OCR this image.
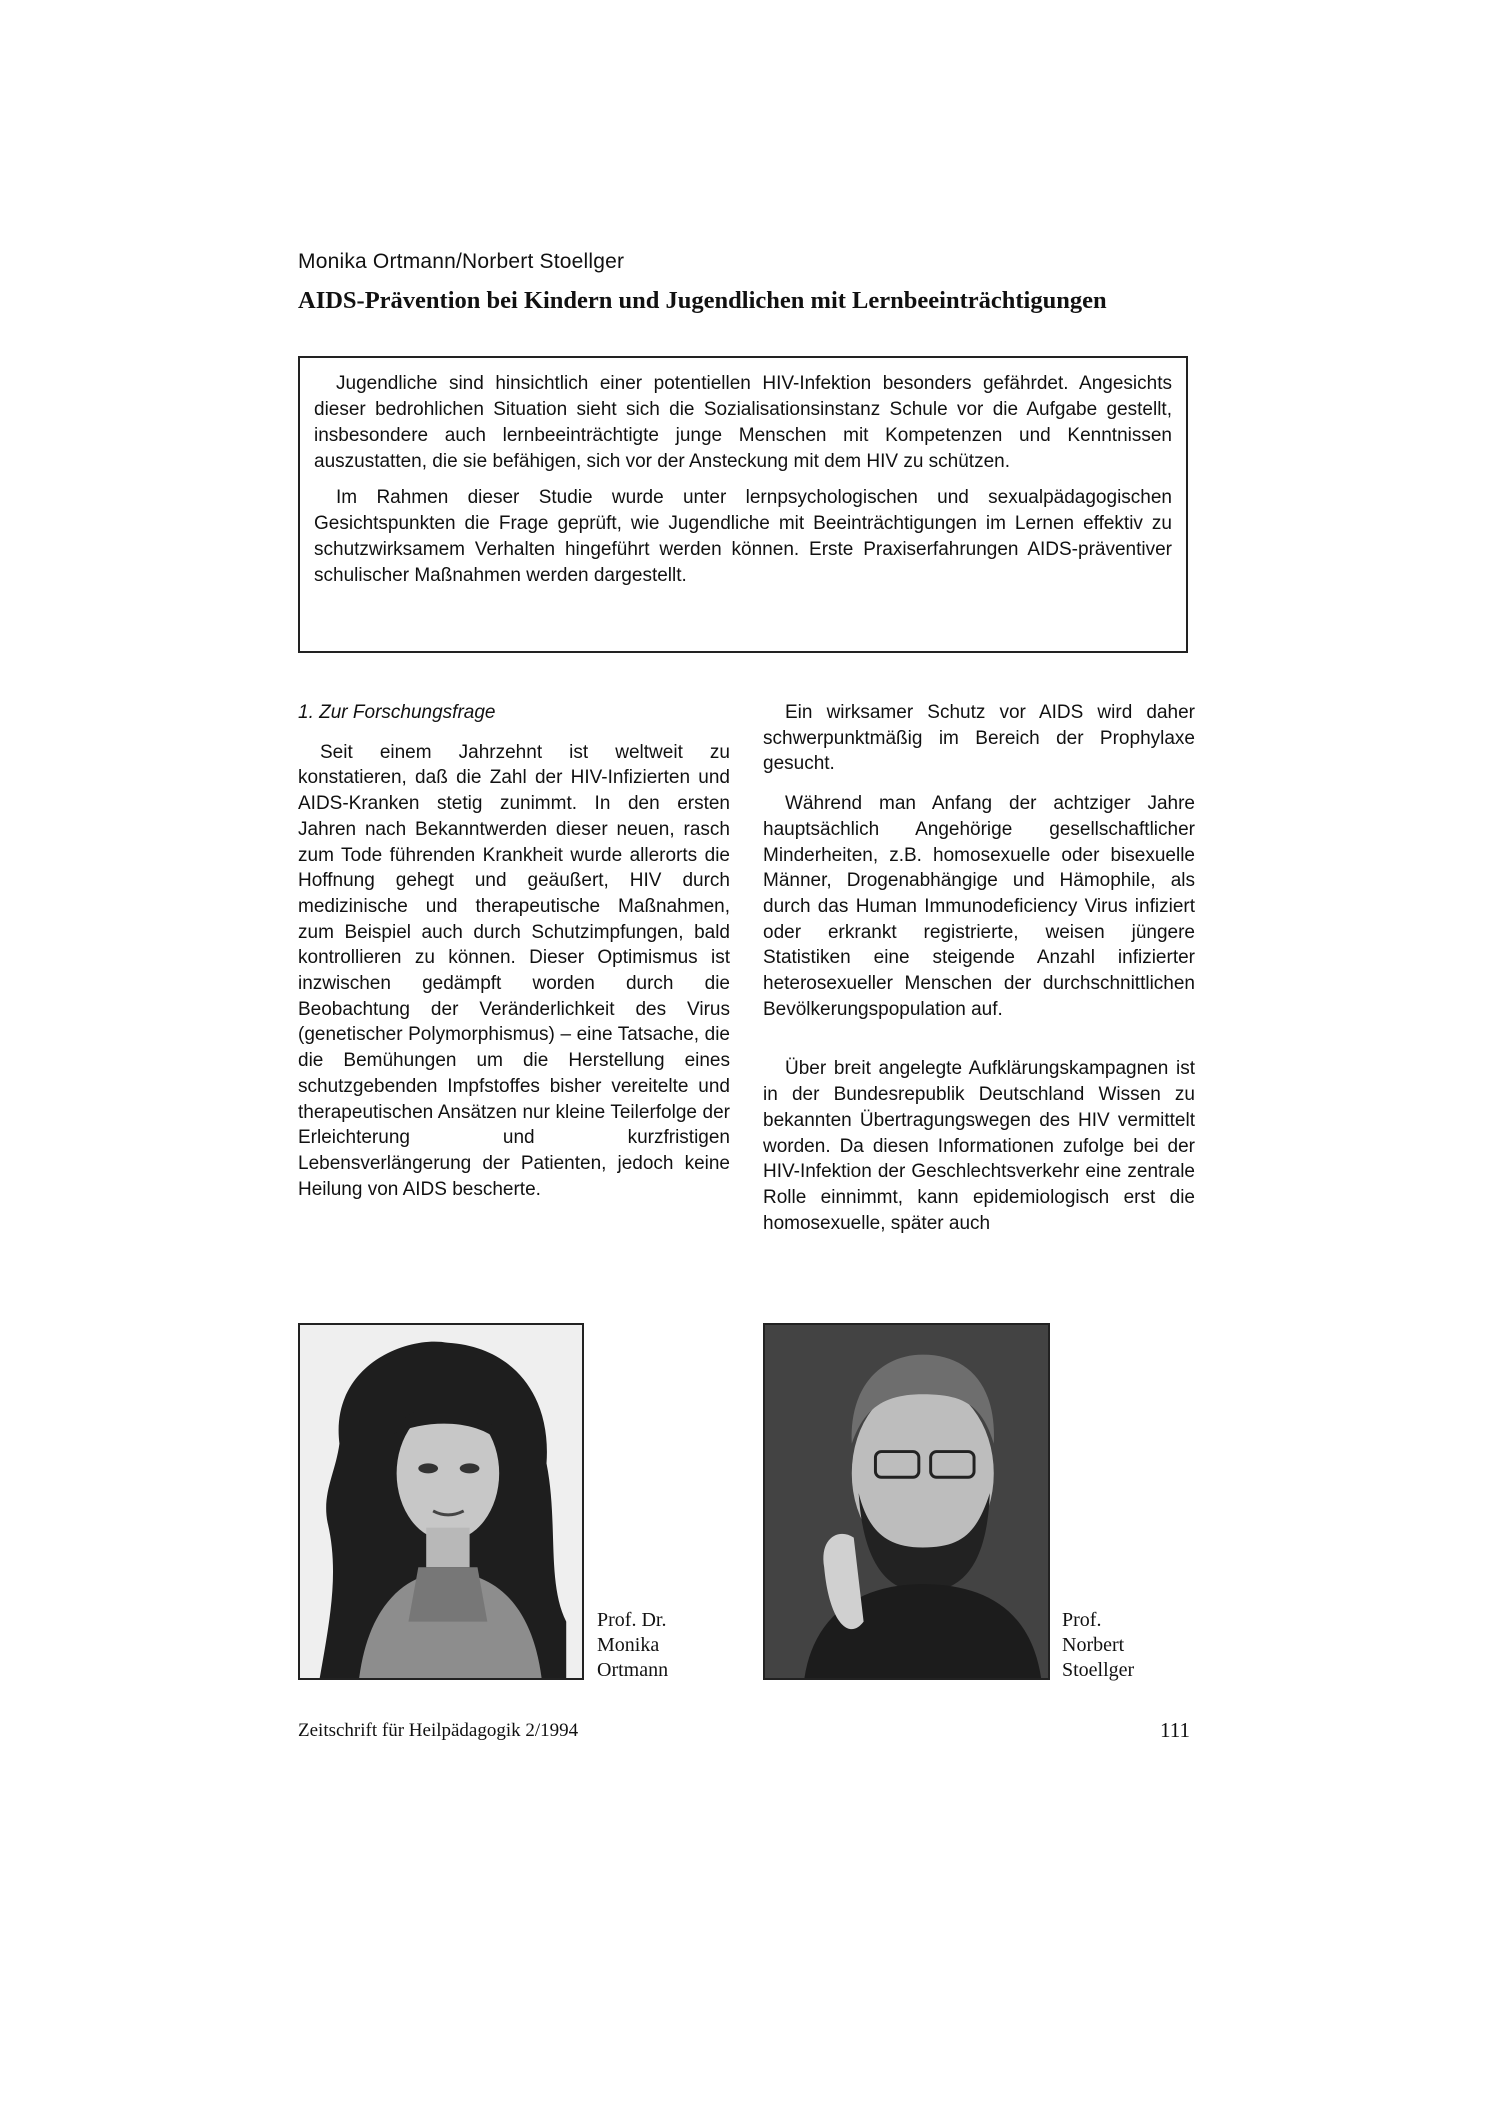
Monika Ortmann/Norbert Stoellger
AIDS-Prävention bei Kindern und Jugendlichen mit Lernbeeinträchtigungen

Jugendliche sind hinsichtlich einer potentiellen HIV-Infektion besonders gefährdet. Angesichts dieser bedrohlichen Situation sieht sich die Sozialisationsinstanz Schule vor die Aufgabe gestellt, insbesondere auch lernbeeinträchtigte junge Menschen mit Kompetenzen und Kenntnissen auszustatten, die sie befähigen, sich vor der Ansteckung mit dem HIV zu schützen.

Im Rahmen dieser Studie wurde unter lernpsychologischen und sexualpädagogischen Gesichtspunkten die Frage geprüft, wie Jugendliche mit Beeinträchtigungen im Lernen effektiv zu schutzwirksamem Verhalten hingeführt werden können. Erste Praxiserfahrungen AIDS-präventiver schulischer Maßnahmen werden dargestellt.

1. Zur Forschungsfrage

Seit einem Jahrzehnt ist weltweit zu konstatieren, daß die Zahl der HIV-Infizierten und AIDS-Kranken stetig zunimmt. In den ersten Jahren nach Bekanntwerden dieser neuen, rasch zum Tode führenden Krankheit wurde allerorts die Hoffnung gehegt und geäußert, HIV durch medizinische und therapeutische Maßnahmen, zum Beispiel auch durch Schutzimpfungen, bald kontrollieren zu können. Dieser Optimismus ist inzwischen gedämpft worden durch die Beobachtung der Veränderlichkeit des Virus (genetischer Polymorphismus) – eine Tatsache, die die Bemühungen um die Herstellung eines schutzgebenden Impfstoffes bisher vereitelte und therapeutischen Ansätzen nur kleine Teilerfolge der Erleichterung und kurzfristigen Lebensverlängerung der Patienten, jedoch keine Heilung von AIDS bescherte.

Ein wirksamer Schutz vor AIDS wird daher schwerpunktmäßig im Bereich der Prophylaxe gesucht.

Während man Anfang der achtziger Jahre hauptsächlich Angehörige gesellschaftlicher Minderheiten, z.B. homosexuelle oder bisexuelle Männer, Drogenabhängige und Hämophile, als durch das Human Immunodeficiency Virus infiziert oder erkrankt registrierte, weisen jüngere Statistiken eine steigende Anzahl infizierter heterosexueller Menschen der durchschnittlichen Bevölkerungspopulation auf.

Über breit angelegte Aufklärungskampagnen ist in der Bundesrepublik Deutschland Wissen zu bekannten Übertragungswegen des HIV vermittelt worden. Da diesen Informationen zufolge bei der HIV-Infektion der Geschlechtsverkehr eine zentrale Rolle einnimmt, kann epidemiologisch erst die homosexuelle, später auch

Prof. Dr.
Monika
Ortmann
Prof.
Norbert
Stoellger
Zeitschrift für Heilpädagogik 2/1994	111
